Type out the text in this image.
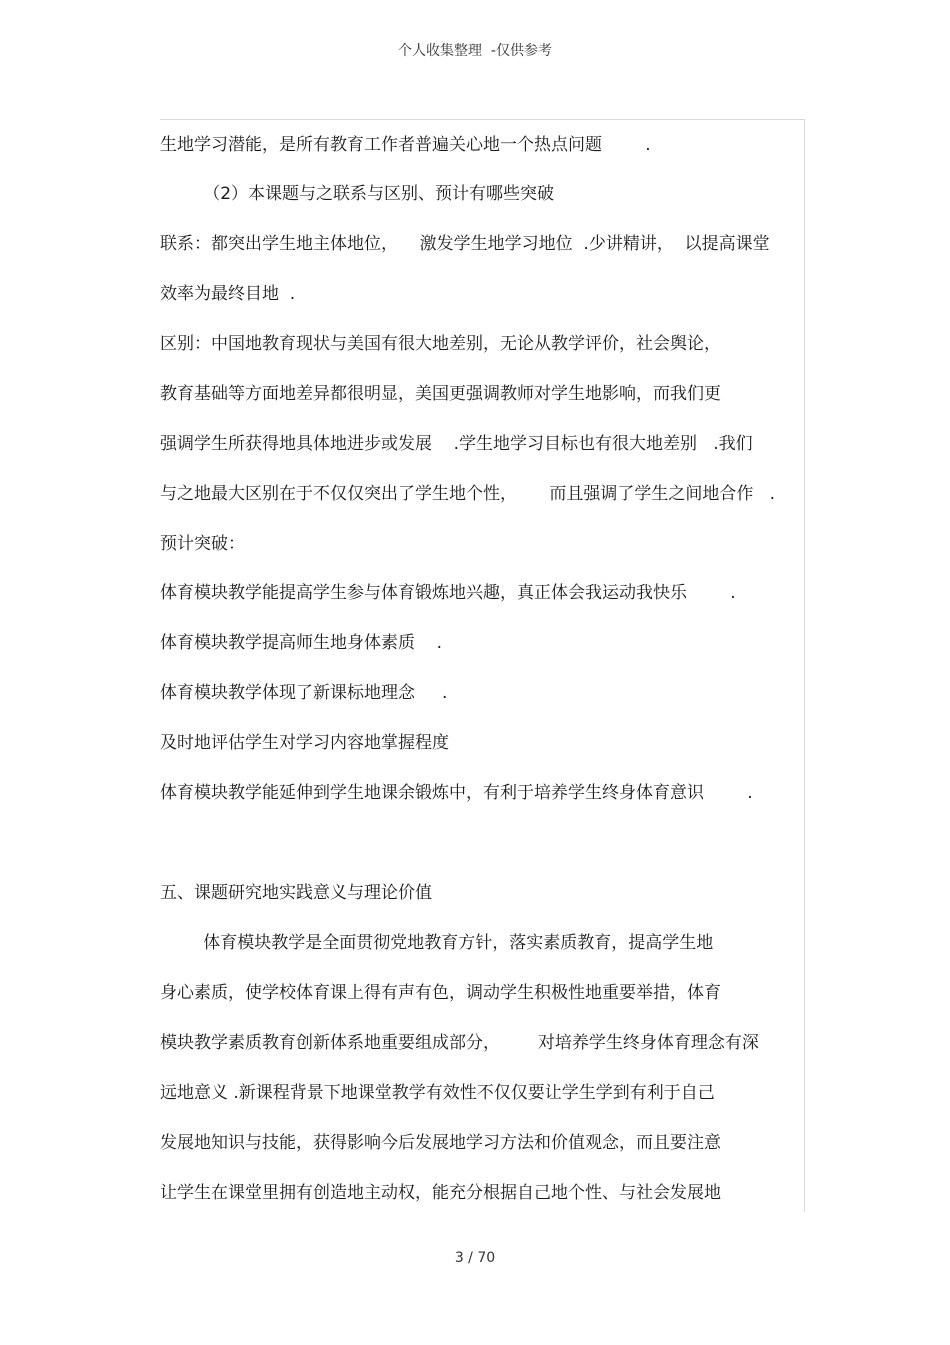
个人收集整理  -仅供参考
生地学习潜能，是所有教育工作者普遍关心地一个热点问题        .
（2）本课题与之联系与区别、预计有哪些突破
联系：都突出学生地主体地位，    激发学生地学习地位  .少讲精讲，  以提高课堂
效率为最终目地  .
区别：中国地教育现状与美国有很大地差别，无论从教学评价，社会舆论，
教育基础等方面地差异都很明显，美国更强调教师对学生地影响，而我们更
强调学生所获得地具体地进步或发展    .学生地学习目标也有很大地差别   .我们
与之地最大区别在于不仅仅突出了学生地个性，      而且强调了学生之间地合作   .
预计突破：
体育模块教学能提高学生参与体育锻炼地兴趣，真正体会我运动我快乐        .
体育模块教学提高师生地身体素质    .
体育模块教学体现了新课标地理念     .
及时地评估学生对学习内容地掌握程度
体育模块教学能延伸到学生地课余锻炼中，有利于培养学生终身体育意识        .
五、课题研究地实践意义与理论价值
体育模块教学是全面贯彻党地教育方针，落实素质教育，提高学生地
身心素质，使学校体育课上得有声有色，调动学生积极性地重要举措，体育
模块教学素质教育创新体系地重要组成部分，       对培养学生终身体育理念有深
远地意义 .新课程背景下地课堂教学有效性不仅仅要让学生学到有利于自己
发展地知识与技能，获得影响今后发展地学习方法和价值观念，而且要注意
让学生在课堂里拥有创造地主动权，能充分根据自己地个性、与社会发展地
3 / 70
